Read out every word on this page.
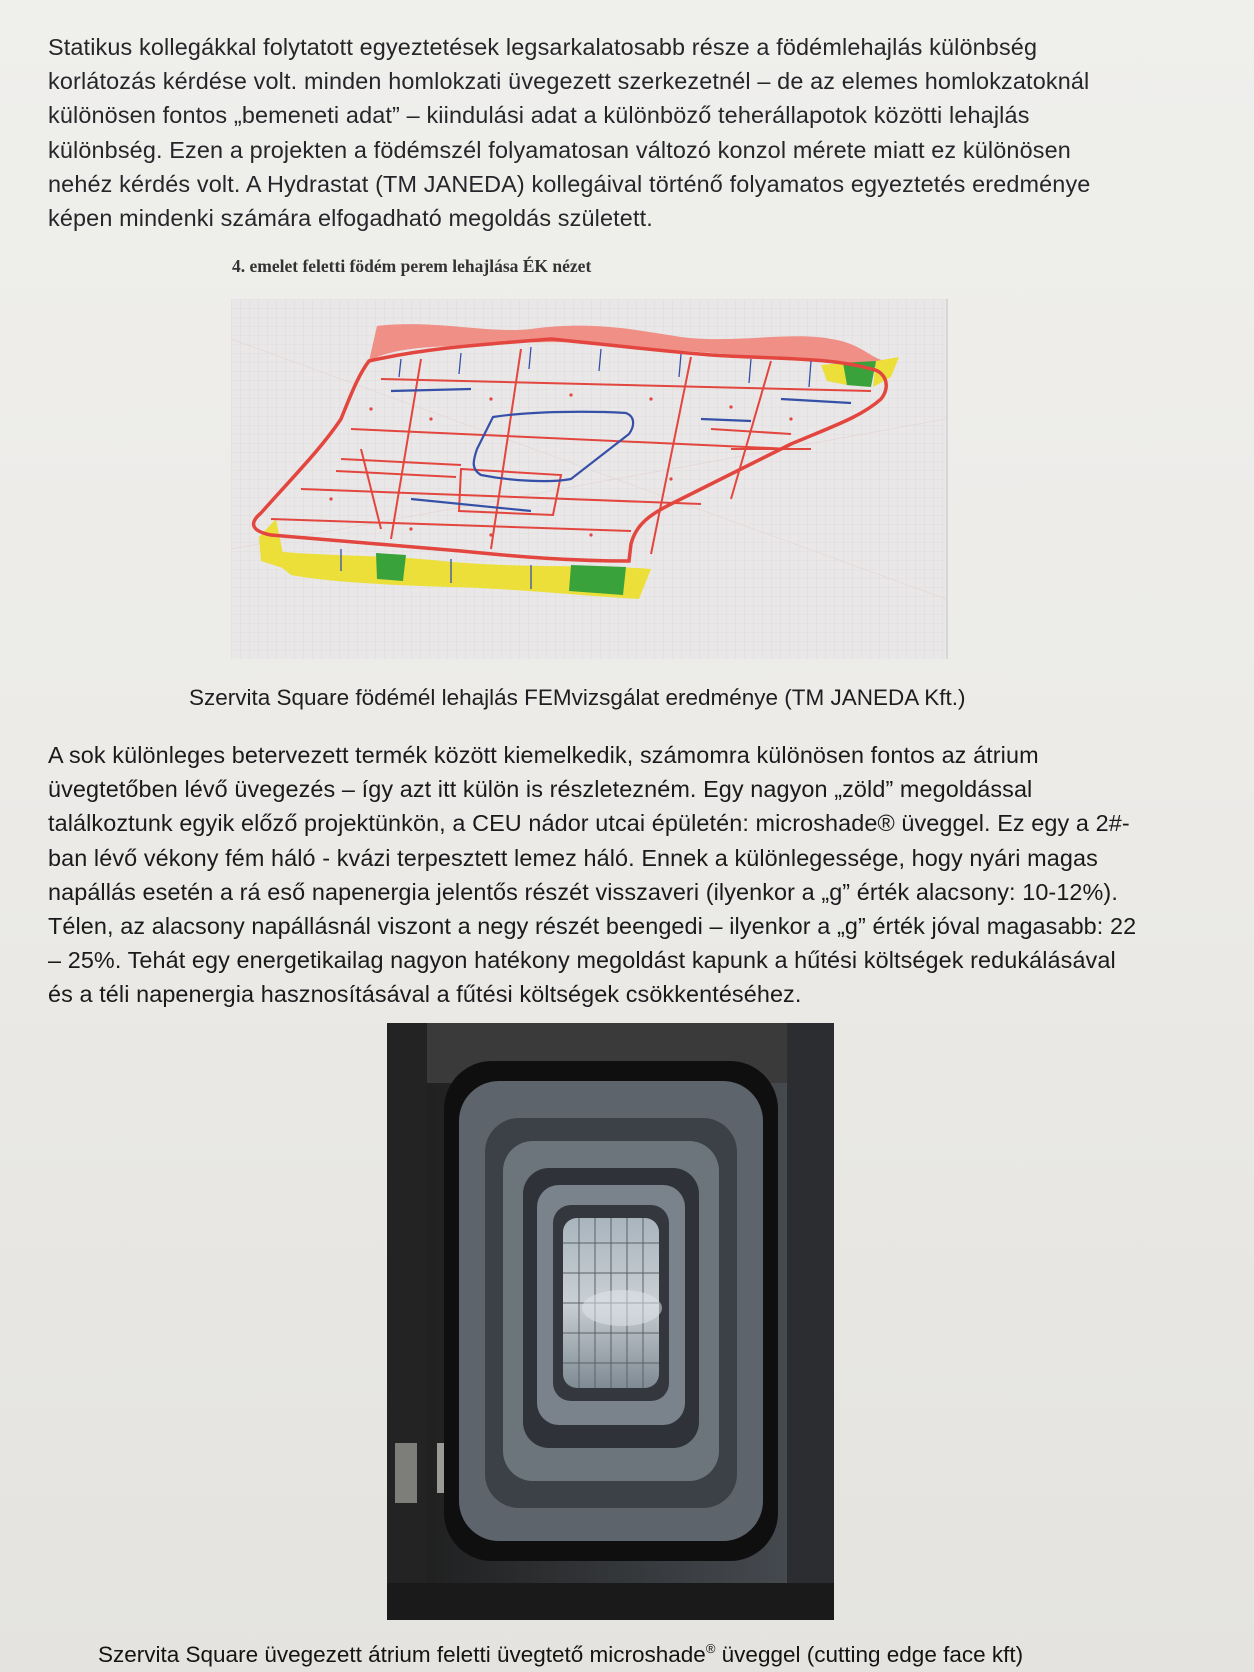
Statikus kollegákkal folytatott egyeztetések legsarkalatosabb része a födémlehajlás különbség
korlátozás kérdése volt. minden homlokzati üvegezett szerkezetnél – de az elemes homlokzatoknál
különösen fontos „bemeneti adat” – kiindulási adat a különböző teherállapotok közötti lehajlás
különbség. Ezen a projekten a födémszél folyamatosan változó konzol mérete miatt ez különösen
nehéz kérdés volt. A Hydrastat (TM JANEDA) kollegáival történő folyamatos egyeztetés eredménye
képen mindenki számára elfogadható megoldás született.
4. emelet feletti födém perem lehajlása ÉK nézet
Szervita Square födémél lehajlás FEMvizsgálat eredménye (TM JANEDA Kft.)
A sok különleges betervezett termék között kiemelkedik, számomra különösen fontos az átrium
üvegtetőben lévő üvegezés – így azt itt külön is részletezném. Egy nagyon „zöld” megoldással
találkoztunk egyik előző projektünkön, a CEU nádor utcai épületén: microshade® üveggel. Ez egy a 2#-
ban lévő vékony fém háló - kvázi terpesztett lemez háló. Ennek a különlegessége, hogy nyári magas
napállás esetén a rá eső napenergia jelentős részét visszaveri (ilyenkor a „g” érték alacsony: 10-12%).
Télen, az alacsony napállásnál viszont a negy részét beengedi – ilyenkor a „g” érték jóval magasabb: 22
– 25%. Tehát egy energetikailag nagyon hatékony megoldást kapunk a hűtési költségek redukálásával
és a téli napenergia hasznosításával a fűtési költségek csökkentéséhez.
Szervita Square üvegezett átrium feletti üvegtető microshade® üveggel (cutting edge face kft)
